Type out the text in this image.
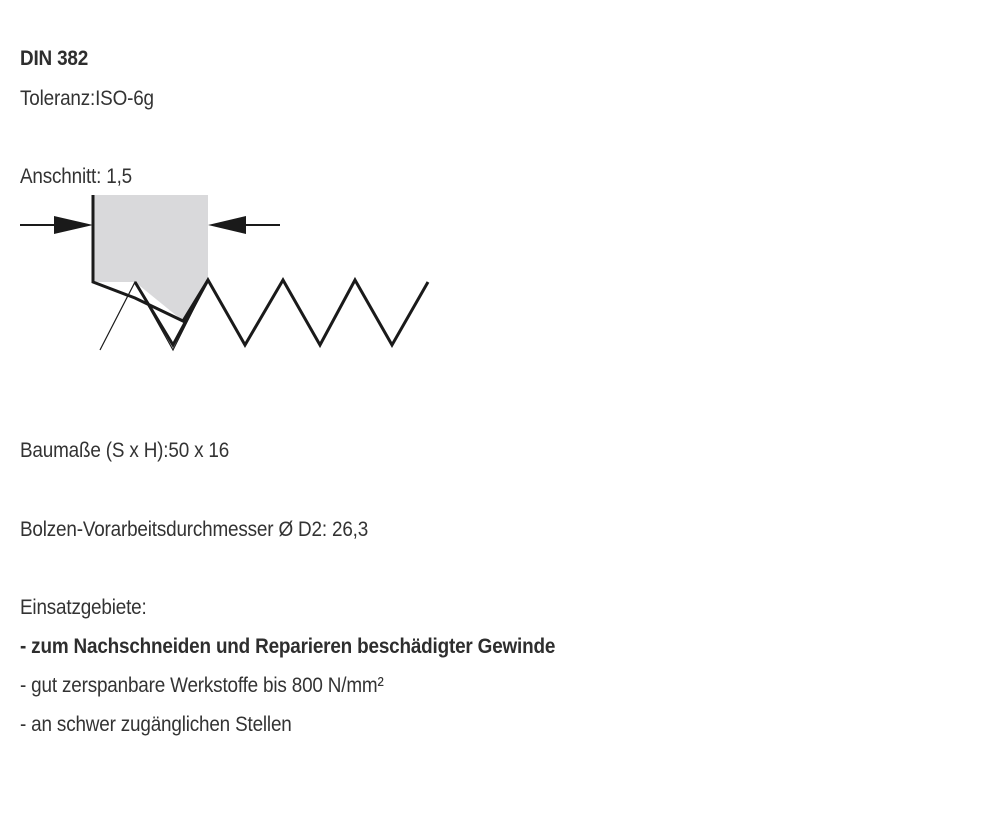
DIN 382
Toleranz:ISO-6g
Anschnitt: 1,5
Baumaße (S x H):50 x 16
Bolzen-Vorarbeitsdurchmesser Ø D2: 26,3
Einsatzgebiete:
- zum Nachschneiden und Reparieren beschädigter Gewinde
- gut zerspanbare Werkstoffe bis 800 N/mm²
- an schwer zugänglichen Stellen
